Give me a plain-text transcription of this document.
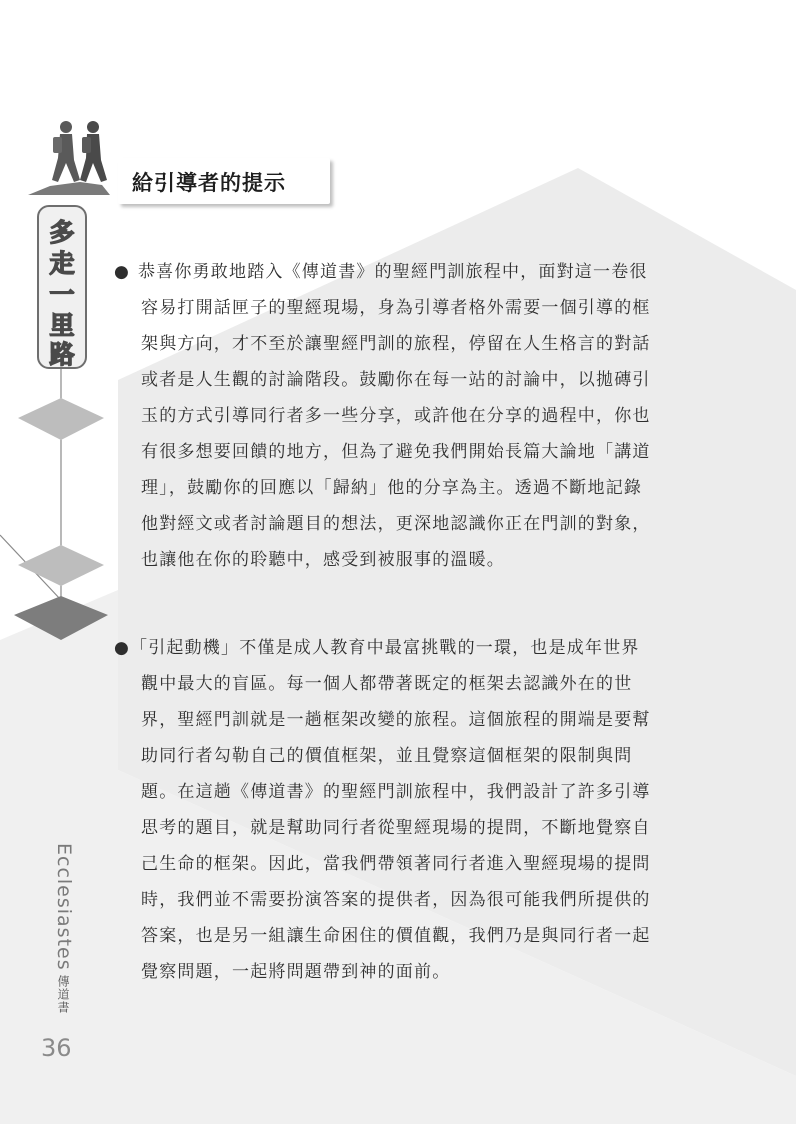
給引導者的提示
多
走
一
里
路
● 恭喜你勇敢地踏入《傳道書》的聖經門訓旅程中，面對這一卷很
容易打開話匣子的聖經現場，身為引導者格外需要一個引導的框
架與方向，才不至於讓聖經門訓的旅程，停留在人生格言的對話
或者是人生觀的討論階段。鼓勵你在每一站的討論中，以拋磚引
玉的方式引導同行者多一些分享，或許他在分享的過程中，你也
有很多想要回饋的地方，但為了避免我們開始長篇大論地「講道
理」，鼓勵你的回應以「歸納」他的分享為主。透過不斷地記錄
他對經文或者討論題目的想法，更深地認識你正在門訓的對象，
也讓他在你的聆聽中，感受到被服事的溫暖。
● 「引起動機」不僅是成人教育中最富挑戰的一環，也是成年世界
觀中最大的盲區。每一個人都帶著既定的框架去認識外在的世
界，聖經門訓就是一趟框架改變的旅程。這個旅程的開端是要幫
助同行者勾勒自己的價值框架，並且覺察這個框架的限制與問
題。在這趟《傳道書》的聖經門訓旅程中，我們設計了許多引導
思考的題目，就是幫助同行者從聖經現場的提問，不斷地覺察自
己生命的框架。因此，當我們帶領著同行者進入聖經現場的提問
時，我們並不需要扮演答案的提供者，因為很可能我們所提供的
答案，也是另一組讓生命困住的價值觀，我們乃是與同行者一起
覺察問題，一起將問題帶到神的面前。
Ecclesiastes
傳道書
36
